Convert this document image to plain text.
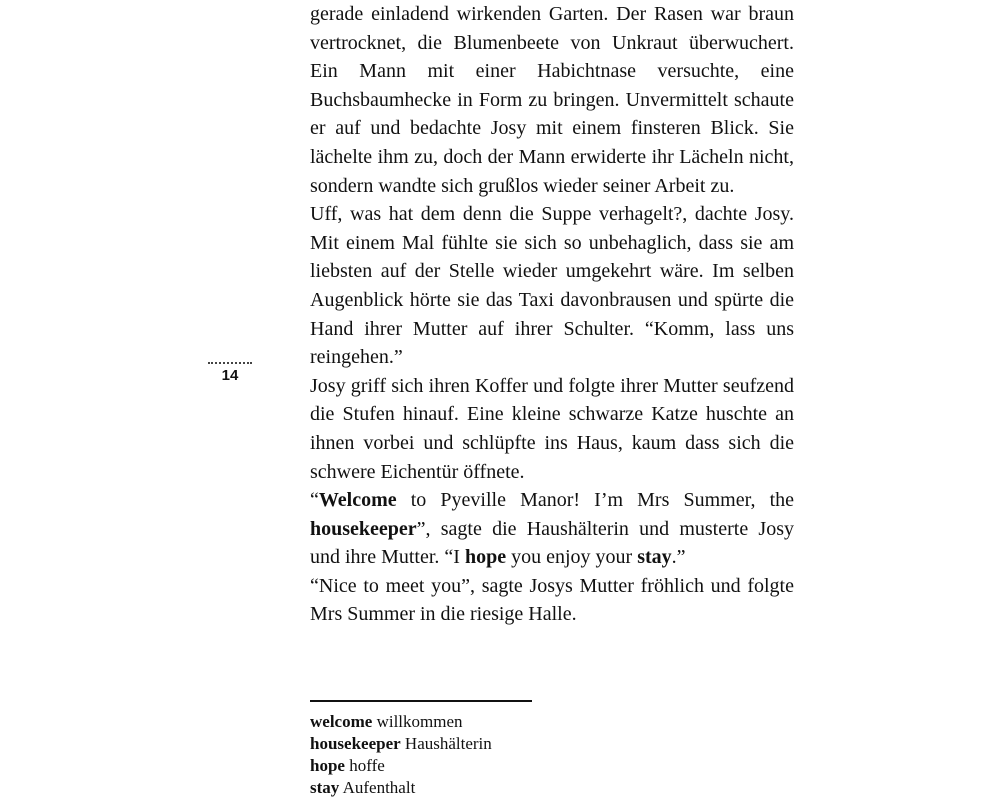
14

gerade einladend wirkenden Garten. Der Rasen war braun vertrocknet, die Blumenbeete von Unkraut überwuchert. Ein Mann mit einer Habichtnase versuchte, eine Buchsbaumhecke in Form zu bringen. Unvermittelt schaute er auf und bedachte Josy mit einem finsteren Blick. Sie lächelte ihm zu, doch der Mann erwiderte ihr Lächeln nicht, sondern wandte sich grußlos wieder seiner Arbeit zu.

Uff, was hat dem denn die Suppe verhagelt?, dachte Josy. Mit einem Mal fühlte sie sich so unbehaglich, dass sie am liebsten auf der Stelle wieder umgekehrt wäre. Im selben Augenblick hörte sie das Taxi davonbrausen und spürte die Hand ihrer Mutter auf ihrer Schulter. “Komm, lass uns reingehen.”

Josy griff sich ihren Koffer und folgte ihrer Mutter seufzend die Stufen hinauf. Eine kleine schwarze Katze huschte an ihnen vorbei und schlüpfte ins Haus, kaum dass sich die schwere Eichentür öffnete.

“Welcome to Pyeville Manor! I’m Mrs Summer, the housekeeper”, sagte die Haushälterin und musterte Josy und ihre Mutter. “I hope you enjoy your stay.”

“Nice to meet you”, sagte Josys Mutter fröhlich und folgte Mrs Summer in die riesige Halle.

welcome willkommen
housekeeper Haushälterin
hope hoffe
stay Aufenthalt
